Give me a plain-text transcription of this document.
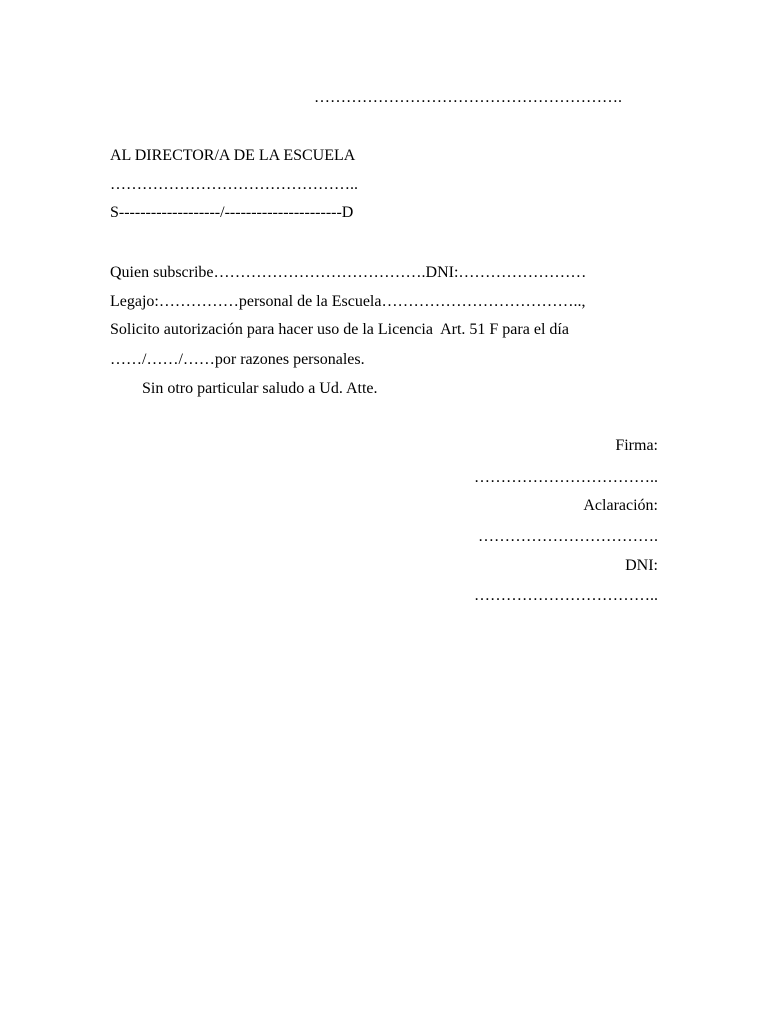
………………………………………………….
AL DIRECTOR/A DE LA ESCUELA
………………………………………..
S-------------------/----------------------D
Quien subscribe………………………………….DNI:……………………
Legajo:……………personal de la Escuela………………………………..,
Solicito autorización para hacer uso de la Licencia  Art. 51 F para el día
……/……/……por razones personales.
Sin otro particular saludo a Ud. Atte.
Firma:
……………………………..
Aclaración:
…………………………….
DNI:
……………………………..
